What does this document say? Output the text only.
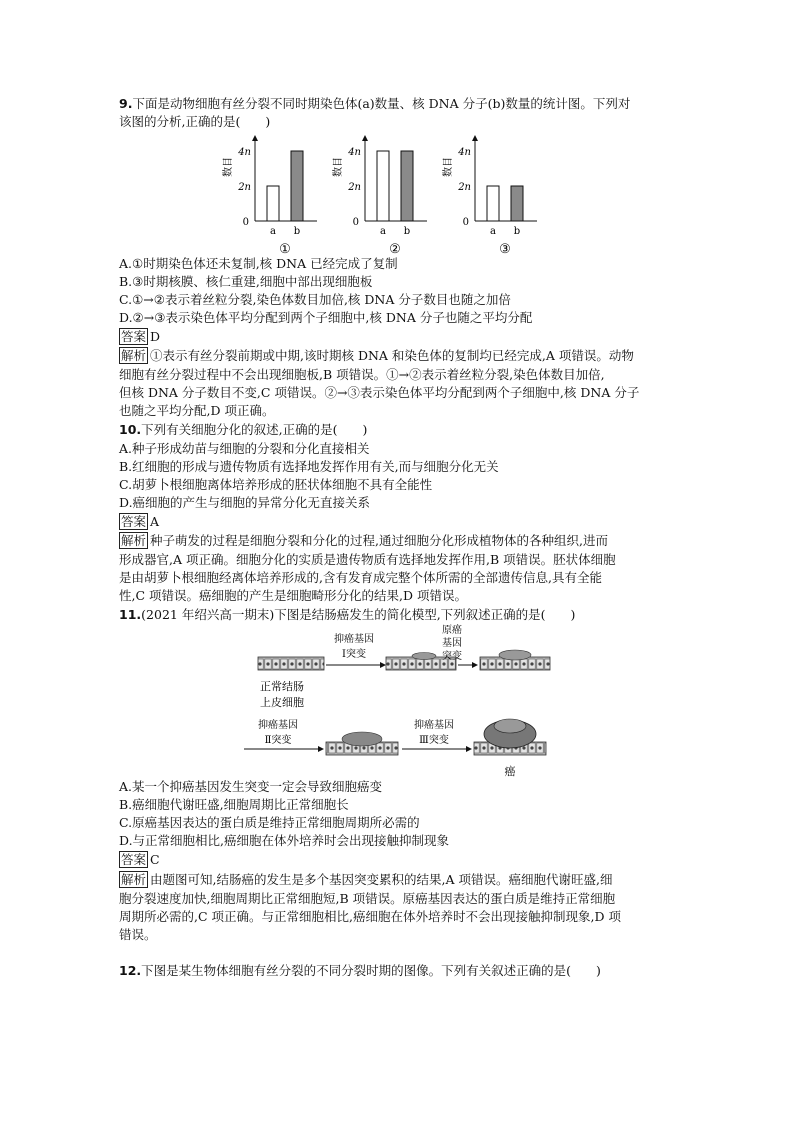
9.下面是动物细胞有丝分裂不同时期染色体(a)数量、核 DNA 分子(b)数量的统计图。下列对
该图的分析,正确的是(　　)
数目
4n
2n
0
a b
①
数目
4n
2n
0
a b
②
数目
4n
2n
0
a b
③
A.①时期染色体还未复制,核 DNA 已经完成了复制
B.③时期核膜、核仁重建,细胞中部出现细胞板
C.①→②表示着丝粒分裂,染色体数目加倍,核 DNA 分子数目也随之加倍
D.②→③表示染色体平均分配到两个子细胞中,核 DNA 分子也随之平均分配
答案 D
解析 ①表示有丝分裂前期或中期,该时期核 DNA 和染色体的复制均已经完成,A 项错误。动物
细胞有丝分裂过程中不会出现细胞板,B 项错误。①→②表示着丝粒分裂,染色体数目加倍,
但核 DNA 分子数目不变,C 项错误。②→③表示染色体平均分配到两个子细胞中,核 DNA 分子
也随之平均分配,D 项正确。
10.下列有关细胞分化的叙述,正确的是(　　)
A.种子形成幼苗与细胞的分裂和分化直接相关
B.红细胞的形成与遗传物质有选择地发挥作用有关,而与细胞分化无关
C.胡萝卜根细胞离体培养形成的胚状体细胞不具有全能性
D.癌细胞的产生与细胞的异常分化无直接关系
答案 A
解析 种子萌发的过程是细胞分裂和分化的过程,通过细胞分化形成植物体的各种组织,进而
形成器官,A 项正确。细胞分化的实质是遗传物质有选择地发挥作用,B 项错误。胚状体细胞
是由胡萝卜根细胞经离体培养形成的,含有发育成完整个体所需的全部遗传信息,具有全能
性,C 项错误。癌细胞的产生是细胞畸形分化的结果,D 项错误。
11.(2021 年绍兴高一期末)下图是结肠癌发生的简化模型,下列叙述正确的是(　　)
抑癌基因
Ⅰ突变
原癌
基因
突变
正常结肠
上皮细胞
抑癌基因
Ⅱ突变
抑癌基因
Ⅲ突变
癌
A.某一个抑癌基因发生突变一定会导致细胞癌变
B.癌细胞代谢旺盛,细胞周期比正常细胞长
C.原癌基因表达的蛋白质是维持正常细胞周期所必需的
D.与正常细胞相比,癌细胞在体外培养时会出现接触抑制现象
答案 C
解析 由题图可知,结肠癌的发生是多个基因突变累积的结果,A 项错误。癌细胞代谢旺盛,细
胞分裂速度加快,细胞周期比正常细胞短,B 项错误。原癌基因表达的蛋白质是维持正常细胞
周期所必需的,C 项正确。与正常细胞相比,癌细胞在体外培养时不会出现接触抑制现象,D 项
错误。
12.下图是某生物体细胞有丝分裂的不同分裂时期的图像。下列有关叙述正确的是(　　)
